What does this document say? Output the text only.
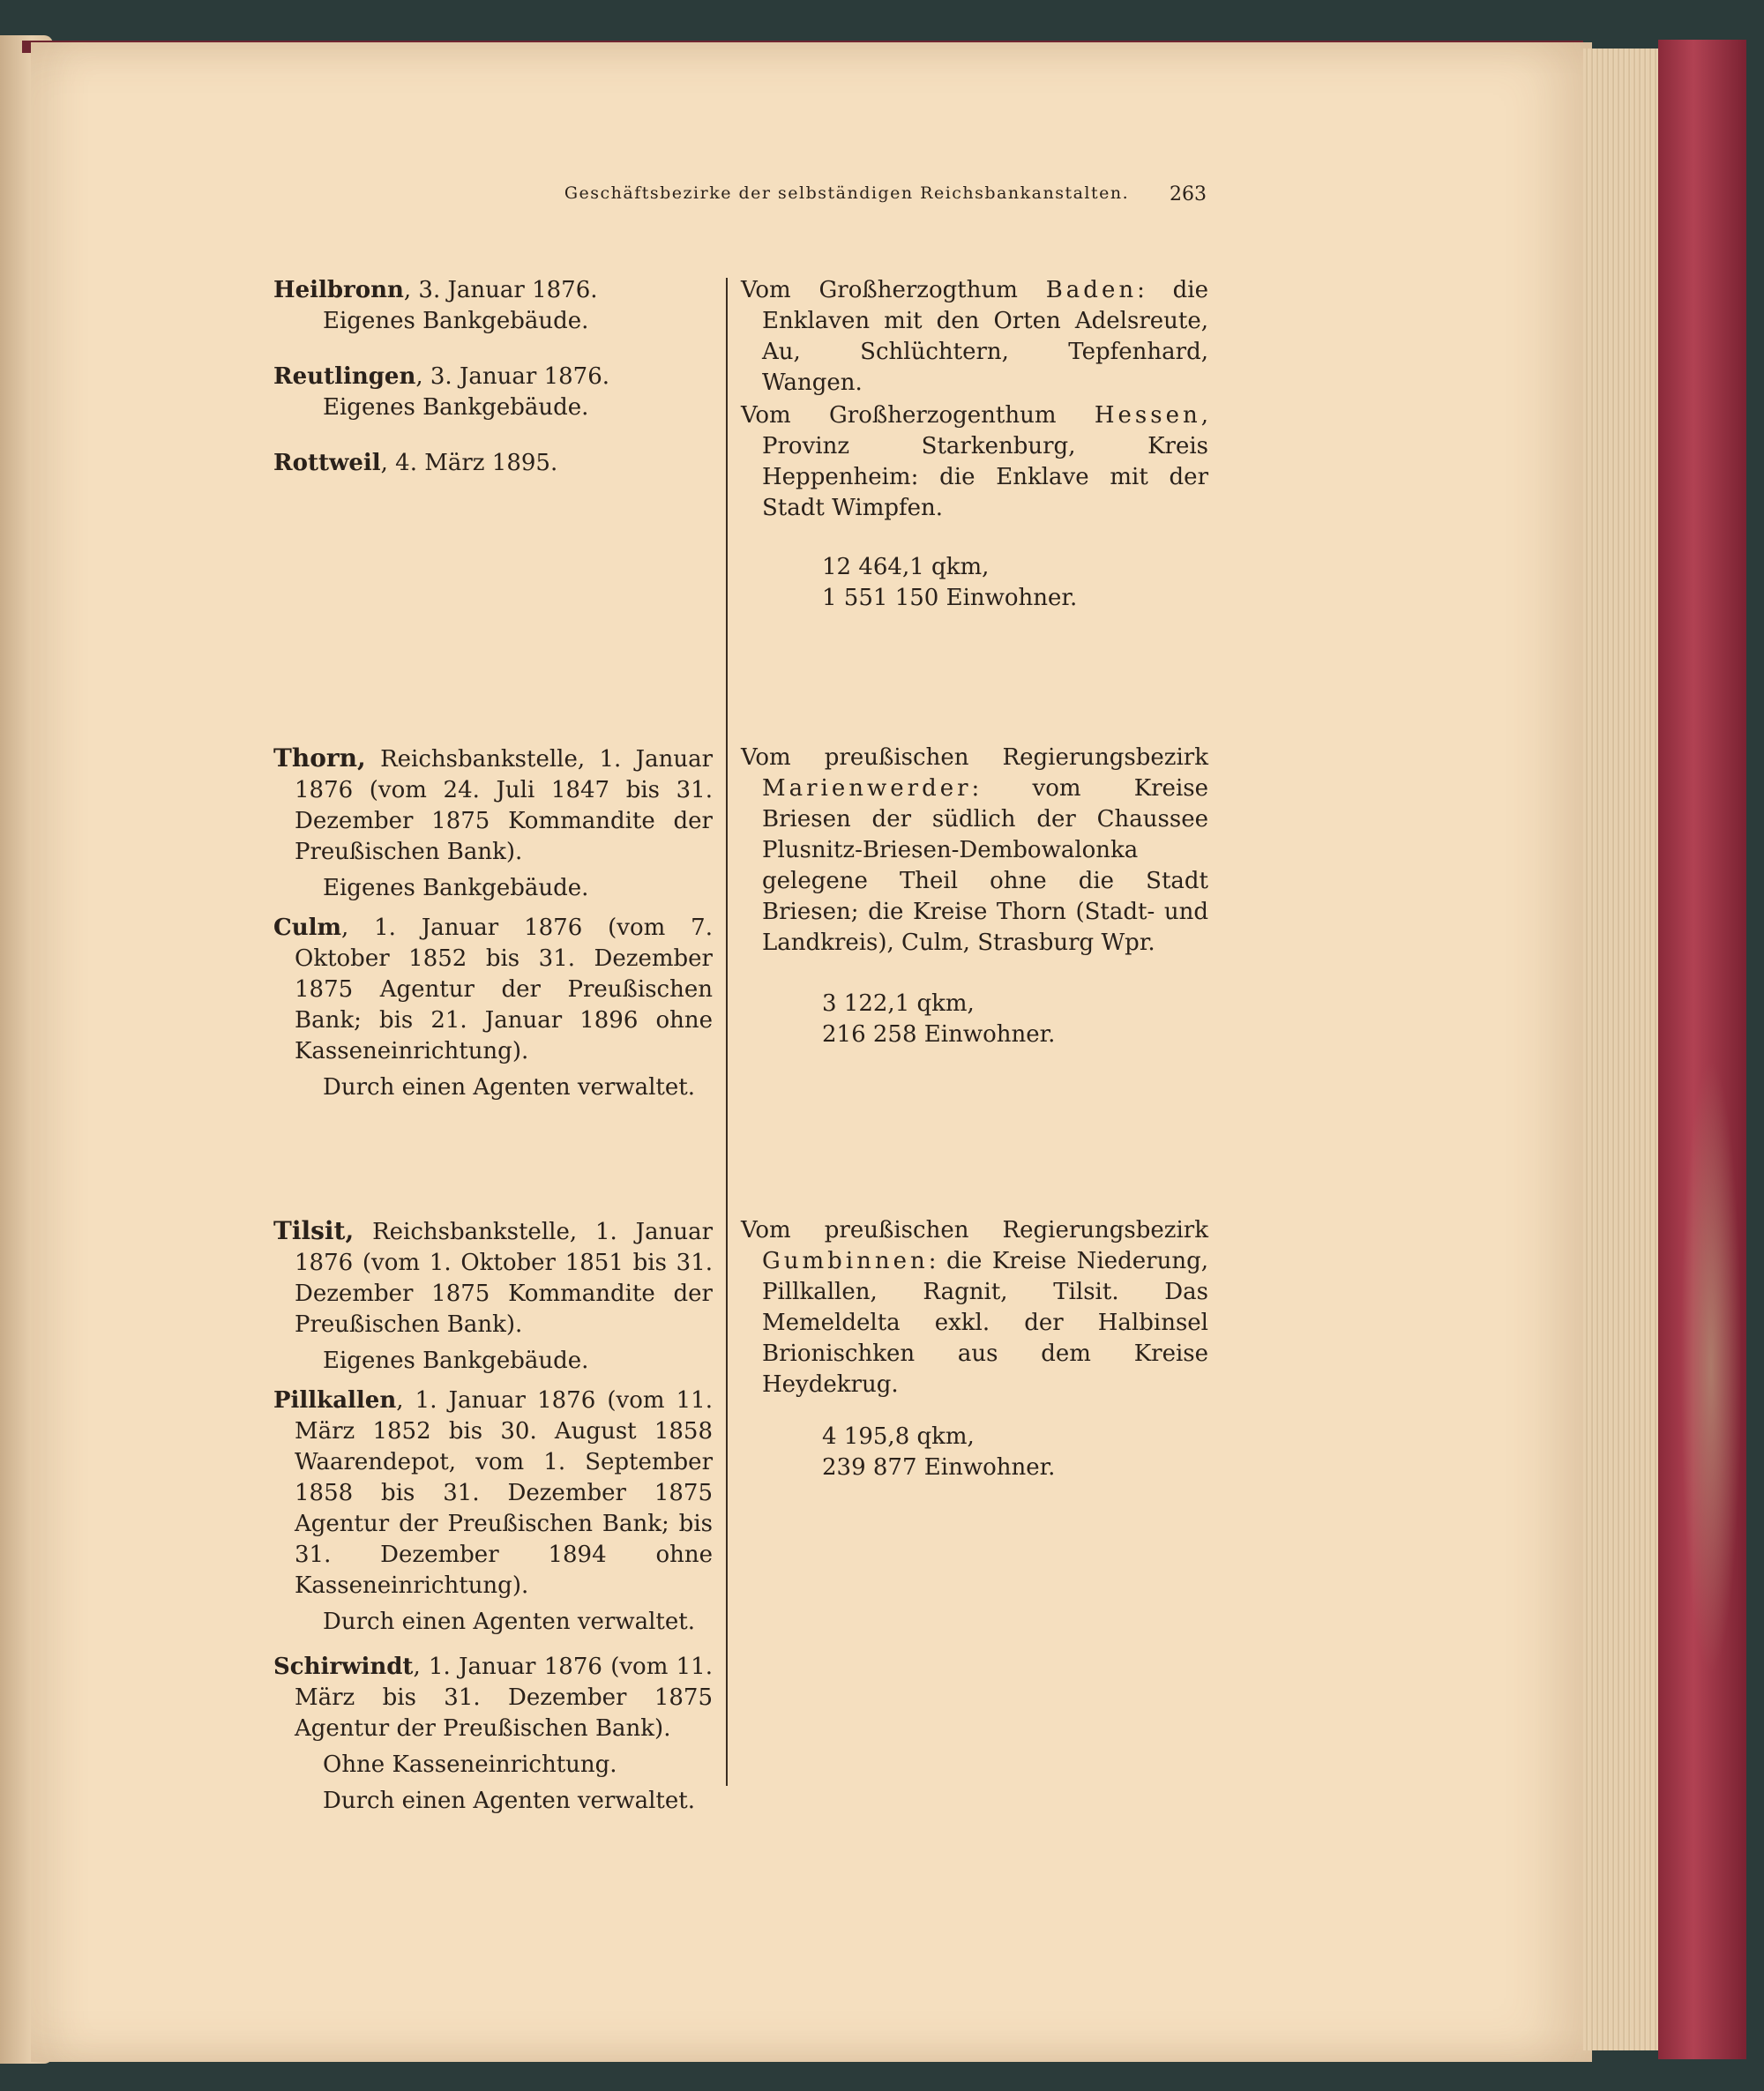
Geschäftsbezirke der selbständigen Reichsbankanstalten.	263

Heilbronn, 3. Januar 1876.

Eigenes Bankgebäude.

Reutlingen, 3. Januar 1876.

Eigenes Bankgebäude.

Rottweil, 4. März 1895.

Vom Großherzogthum Baden: die Enklaven mit den Orten Adelsreute, Au, Schlüchtern, Tepfenhard, Wangen.

Vom Großherzogenthum Hessen, Provinz Starkenburg, Kreis Heppenheim: die Enklave mit der Stadt Wimpfen.

12 464,1 qkm,

1 551 150 Einwohner.

Thorn, Reichsbankstelle, 1. Januar 1876 (vom 24. Juli 1847 bis 31. Dezember 1875 Kommandite der Preußischen Bank).

Eigenes Bankgebäude.

Culm, 1. Januar 1876 (vom 7. Oktober 1852 bis 31. Dezember 1875 Agentur der Preußischen Bank; bis 21. Januar 1896 ohne Kasseneinrichtung).

Durch einen Agenten verwaltet.

Vom preußischen Regierungsbezirk Marienwerder: vom Kreise Briesen der südlich der Chaussee Plusnitz-Briesen-Dembowalonka gelegene Theil ohne die Stadt Briesen; die Kreise Thorn (Stadt- und Landkreis), Culm, Strasburg Wpr.

3 122,1 qkm,

216 258 Einwohner.

Tilsit, Reichsbankstelle, 1. Januar 1876 (vom 1. Oktober 1851 bis 31. Dezember 1875 Kommandite der Preußischen Bank).

Eigenes Bankgebäude.

Pillkallen, 1. Januar 1876 (vom 11. März 1852 bis 30. August 1858 Waarendepot, vom 1. September 1858 bis 31. Dezember 1875 Agentur der Preußischen Bank; bis 31. Dezember 1894 ohne Kasseneinrichtung).

Durch einen Agenten verwaltet.

Schirwindt, 1. Januar 1876 (vom 11. März bis 31. Dezember 1875 Agentur der Preußischen Bank).

Ohne Kasseneinrichtung.

Durch einen Agenten verwaltet.

Vom preußischen Regierungsbezirk Gumbinnen: die Kreise Niederung, Pillkallen, Ragnit, Tilsit. Das Memeldelta exkl. der Halbinsel Brionischken aus dem Kreise Heydekrug.

4 195,8 qkm,

239 877 Einwohner.
